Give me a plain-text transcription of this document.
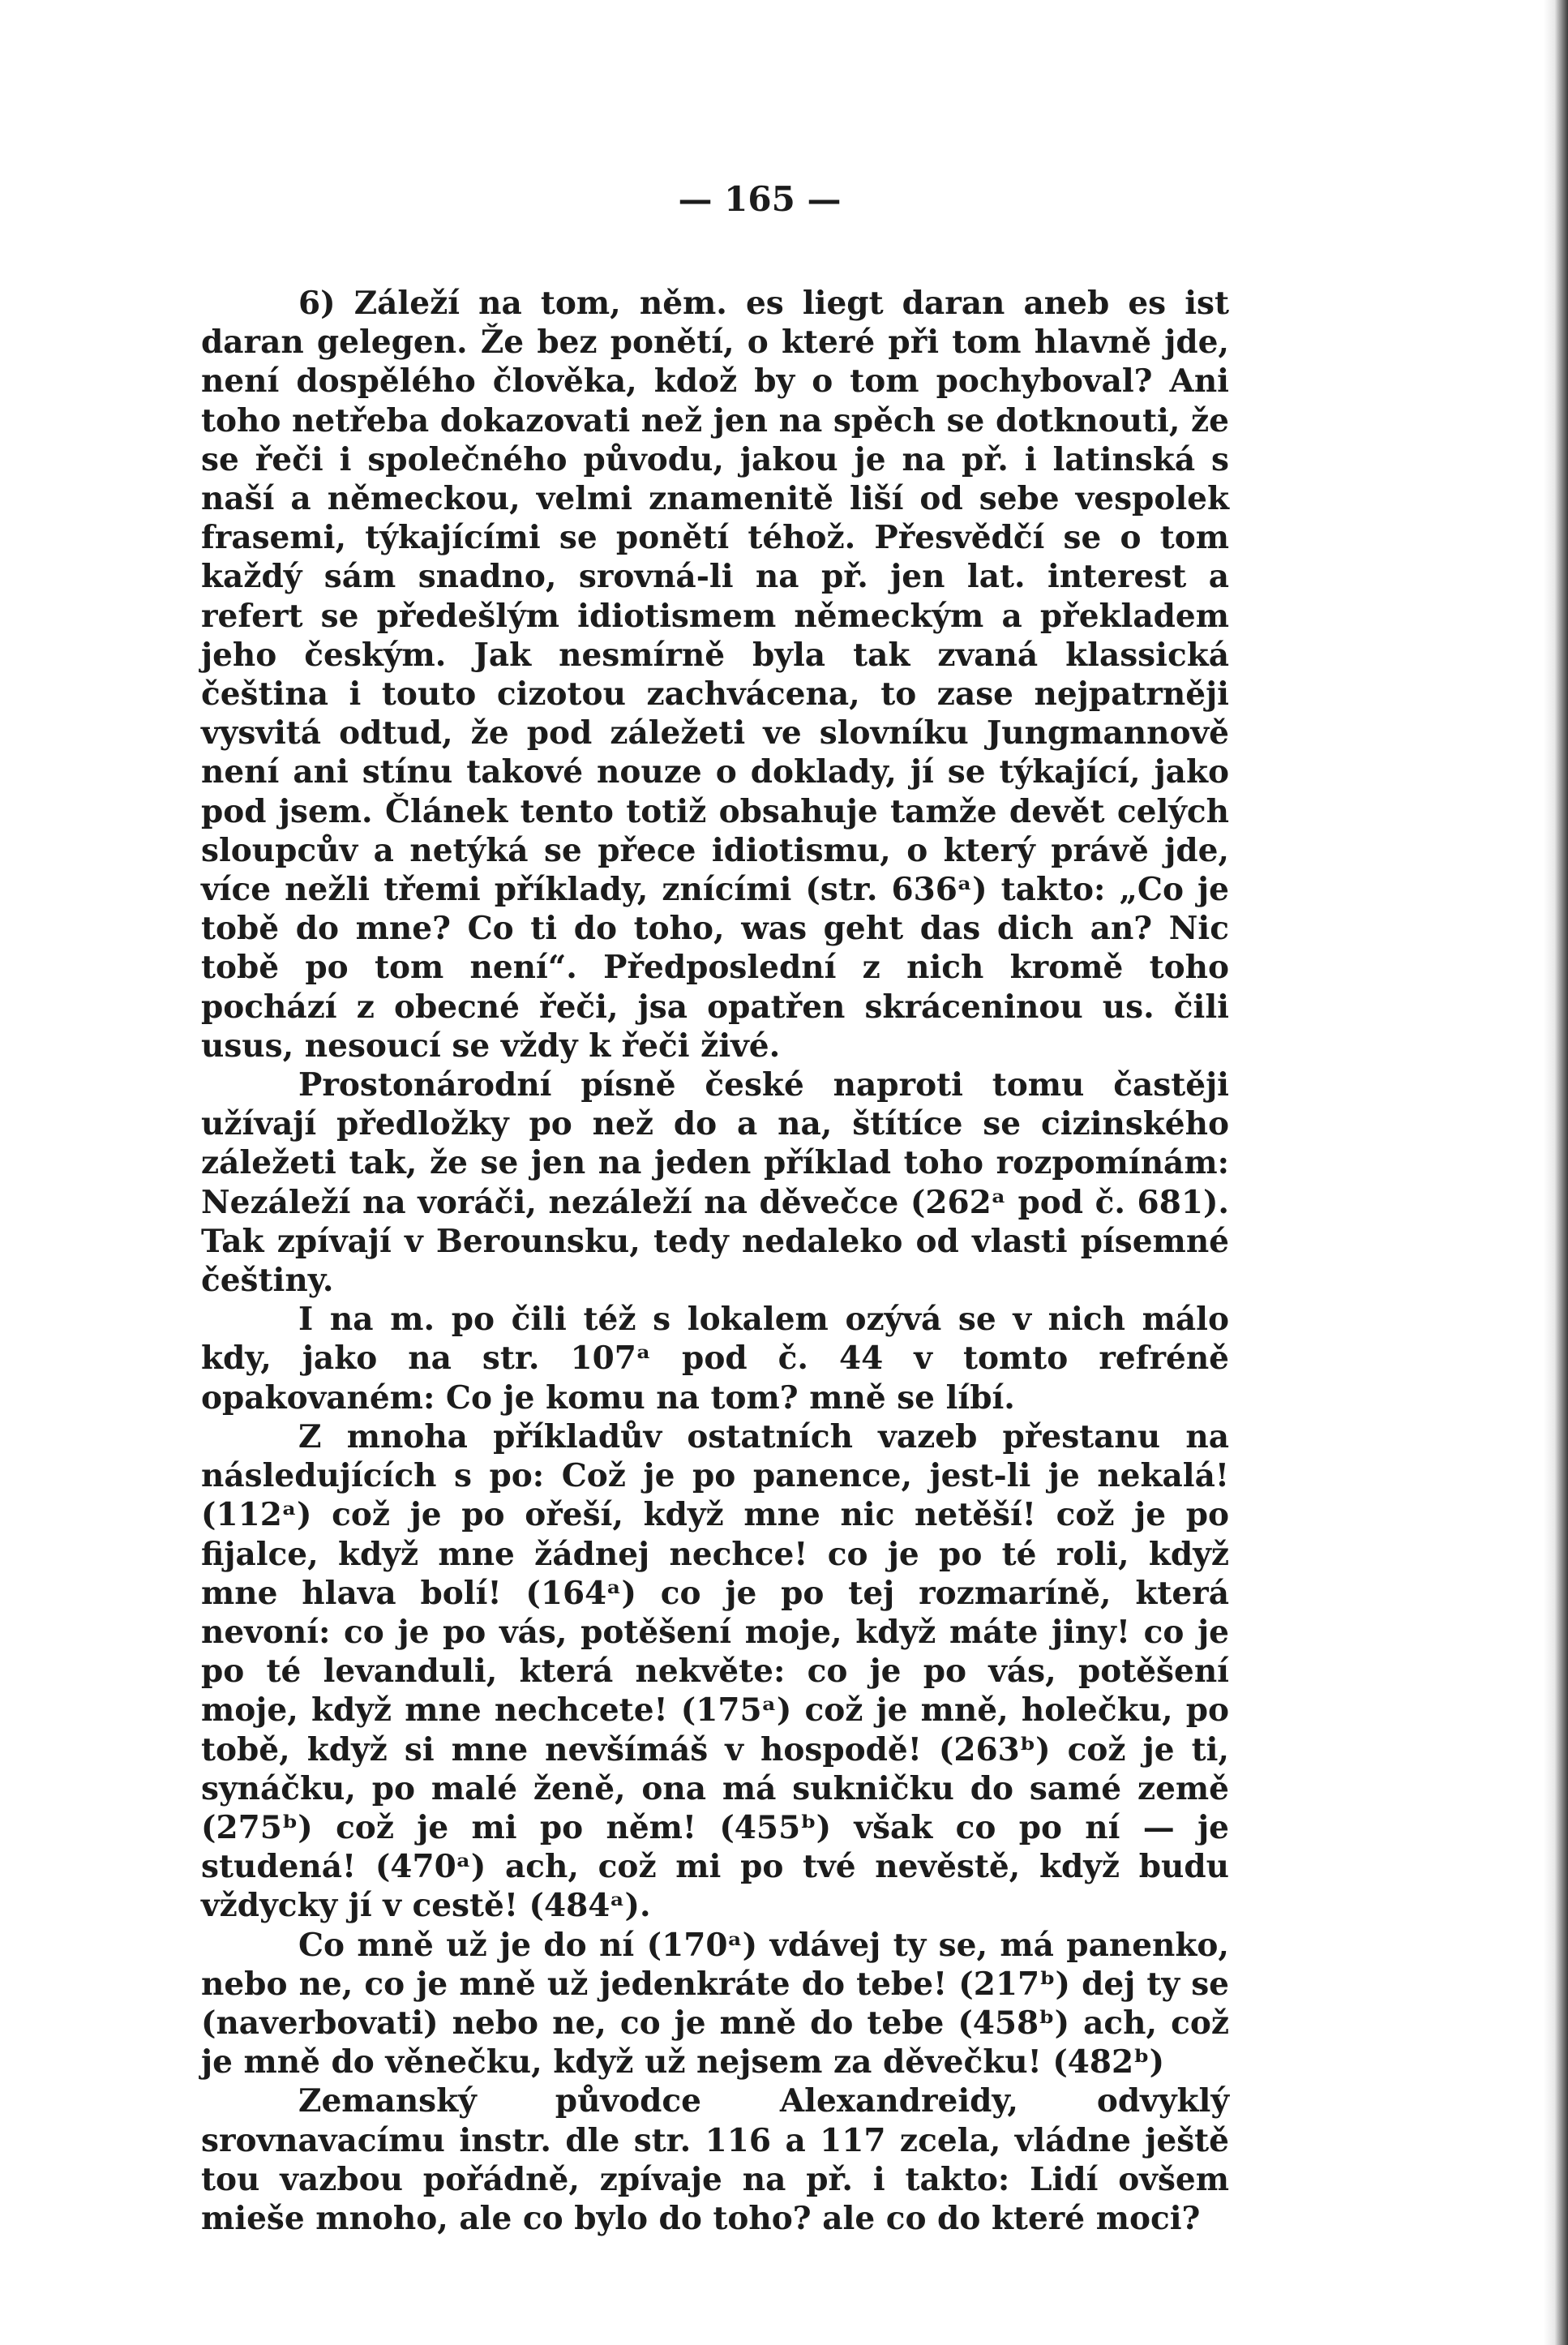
— 165 —

6) Záleží na tom, něm. es liegt daran aneb es ist daran gelegen. Že bez ponětí, o které při tom hlavně jde, není dospělého člověka, kdož by o tom pochyboval? Ani toho netřeba dokazovati než jen na spěch se dotknouti, že se řeči i společného původu, jakou je na př. i latinská s naší a německou, velmi znamenitě liší od sebe vespolek frasemi, týkajícími se ponětí téhož. Přesvědčí se o tom každý sám snadno, srovná-li na př. jen lat. interest a refert se předešlým idiotismem německým a překladem jeho českým. Jak nesmírně byla tak zvaná klassická čeština i touto cizotou zachvácena, to zase nejpatrněji vysvitá odtud, že pod záležeti ve slovníku Jungmannově není ani stínu takové nouze o doklady, jí se týkající, jako pod jsem. Článek tento totiž obsahuje tamže devět celých sloupcův a netýká se přece idiotismu, o který právě jde, více nežli třemi příklady, znícími (str. 636ᵃ) takto: „Co je tobě do mne? Co ti do toho, was geht das dich an? Nic tobě po tom není“. Předposlední z nich kromě toho pochází z obecné řeči, jsa opatřen skráceninou us. čili usus, nesoucí se vždy k řeči živé.

Prostonárodní písně české naproti tomu častěji užívají předložky po než do a na, štítíce se cizinského záležeti tak, že se jen na jeden příklad toho rozpomínám: Nezáleží na voráči, nezáleží na děvečce (262ᵃ pod č. 681). Tak zpívají v Berounsku, tedy nedaleko od vlasti písemné češtiny.

I na m. po čili též s lokalem ozývá se v nich málo kdy, jako na str. 107ᵃ pod č. 44 v tomto refréně opakovaném: Co je komu na tom? mně se líbí.

Z mnoha příkladův ostatních vazeb přestanu na následujících s po: Což je po panence, jest-li je nekalá! (112ᵃ) což je po ořeší, když mne nic netěší! což je po fijalce, když mne žádnej nechce! co je po té roli, když mne hlava bolí! (164ᵃ) co je po tej rozmaríně, která nevoní: co je po vás, potěšení moje, když máte jiny! co je po té levanduli, která nekvěte: co je po vás, potěšení moje, když mne nechcete! (175ᵃ) což je mně, holečku, po tobě, když si mne nevšímáš v hospodě! (263ᵇ) což je ti, synáčku, po malé ženě, ona má sukničku do samé země (275ᵇ) což je mi po něm! (455ᵇ) však co po ní — je studená! (470ᵃ) ach, což mi po tvé nevěstě, když budu vždycky jí v cestě! (484ᵃ).

Co mně už je do ní (170ᵃ) vdávej ty se, má panenko, nebo ne, co je mně už jedenkráte do tebe! (217ᵇ) dej ty se (naverbovati) nebo ne, co je mně do tebe (458ᵇ) ach, což je mně do věnečku, když už nejsem za děvečku! (482ᵇ)

Zemanský původce Alexandreidy, odvyklý srovnavacímu instr. dle str. 116 a 117 zcela, vládne ještě tou vazbou pořádně, zpívaje na př. i takto: Lidí ovšem mieše mnoho, ale co bylo do toho? ale co do které moci?
